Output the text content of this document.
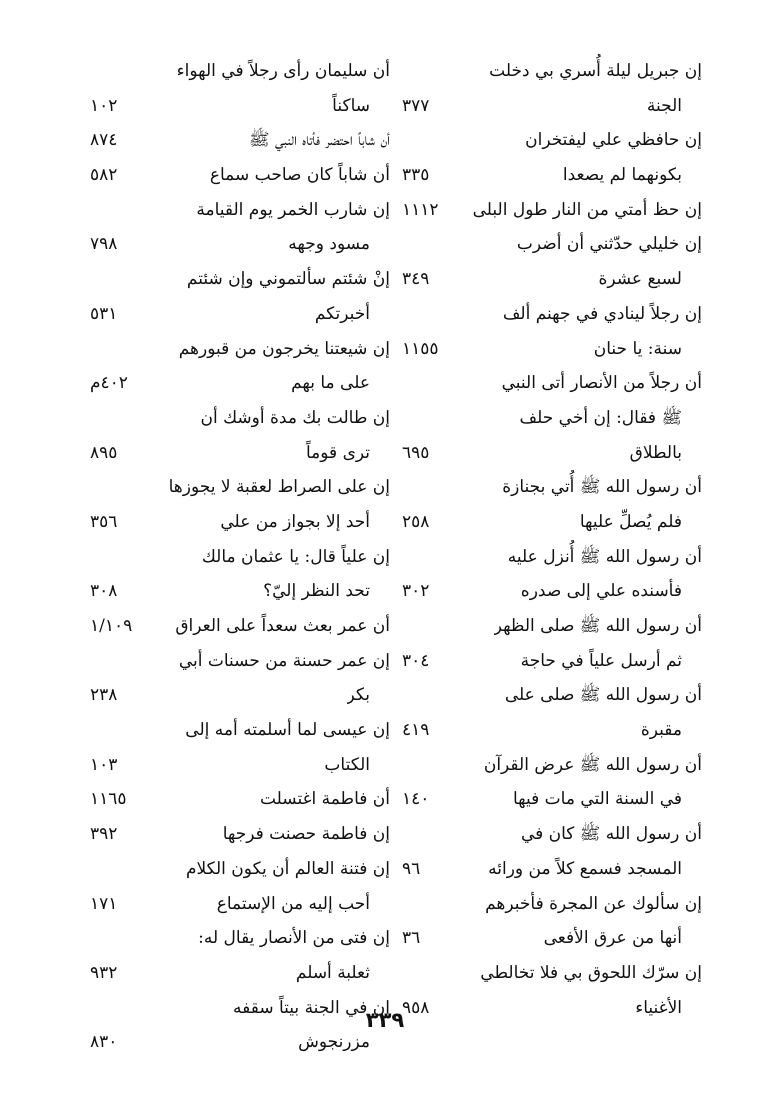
إن جبريل ليلة أُسري بي دخلت
الجنة
٣٧٧
إن حافظي علي ليفتخران
بكونهما لم يصعدا
٣٣٥
إن حظ أمتي من النار طول البلى
١١١٢
إن خليلي حدّثني أن أضرب
لسبع عشرة
٣٤٩
إن رجلاً لينادي في جهنم ألف
سنة: يا حنان
١١٥٥
أن رجلاً من الأنصار أتى النبي
ﷺ فقال: إن أخي حلف
بالطلاق
٦٩٥
أن رسول الله ﷺ أُتي بجنازة
فلم يُصلِّ عليها
٢٥٨
أن رسول الله ﷺ أُنزل عليه
فأسنده علي إلى صدره
٣٠٢
أن رسول الله ﷺ صلى الظهر
ثم أرسل علياً في حاجة
٣٠٤
أن رسول الله ﷺ صلى على
مقبرة
٤١٩
أن رسول الله ﷺ عرض القرآن
في السنة التي مات فيها
١٤٠
أن رسول الله ﷺ كان في
المسجد فسمع كلاً من ورائه
٩٦
إن سألوك عن المجرة فأخبرهم
أنها من عرق الأفعى
٣٦
إن سرّك اللحوق بي فلا تخالطي
الأغنياء
٩٥٨
أن سليمان رأى رجلاً في الهواء
ساكناً
١٠٢
أن شاباً احتضر فأتاه النبي ﷺ
٨٧٤
أن شاباً كان صاحب سماع
٥٨٢
إن شارب الخمر يوم القيامة
مسود وجهه
٧٩٨
إنْ شئتم سألتموني وإن شئتم
أخبرتكم
٥٣١
إن شيعتنا يخرجون من قبورهم
على ما بهم
٤٠٢م
إن طالت بك مدة أوشك أن
ترى قوماً
٨٩٥
إن على الصراط لعقبة لا يجوزها
أحد إلا بجواز من علي
٣٥٦
إن علياً قال: يا عثمان مالك
تحد النظر إليّ؟
٣٠٨
أن عمر بعث سعداً على العراق
١/١٠٩
إن عمر حسنة من حسنات أبي
بكر
٢٣٨
إن عيسى لما أسلمته أمه إلى
الكتاب
١٠٣
أن فاطمة اغتسلت
١١٦٥
إن فاطمة حصنت فرجها
٣٩٢
إن فتنة العالم أن يكون الكلام
أحب إليه من الإستماع
١٧١
إن فتى من الأنصار يقال له:
ثعلبة أسلم
٩٣٢
إن في الجنة بيتاً سقفه
مزرنجوش
٨٣٠
٣٣٩
